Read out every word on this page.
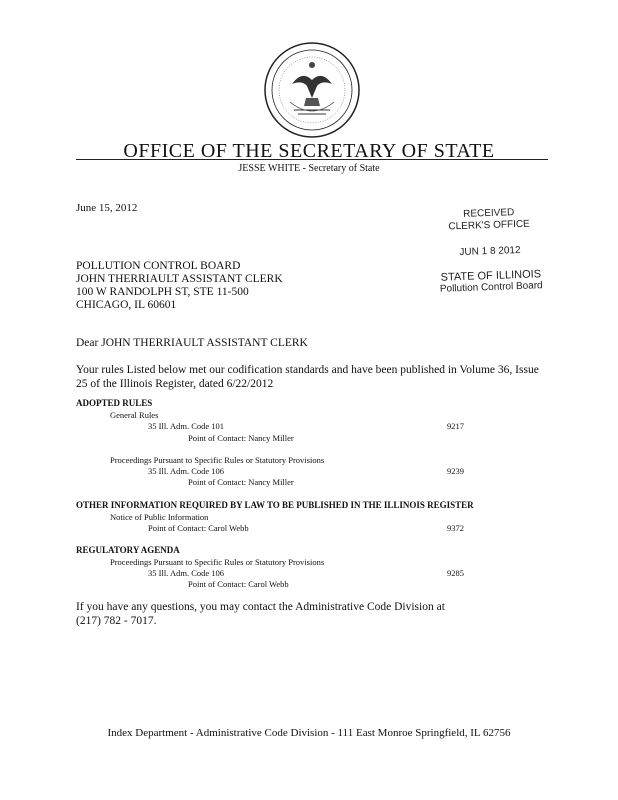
OFFICE OF THE SECRETARY OF STATE
JESSE WHITE - Secretary of State
June 15, 2012	RECEIVED
CLERK'S OFFICE
JUN 1 8 2012
STATE OF ILLINOIS
Pollution Control Board
POLLUTION CONTROL BOARD
JOHN THERRIAULT ASSISTANT CLERK
100 W RANDOLPH ST, STE 11-500
CHICAGO, IL 60601
Dear JOHN THERRIAULT ASSISTANT CLERK
Your rules Listed below met our codification standards and have been published in Volume 36, Issue 25 of the Illinois Register, dated 6/22/2012
ADOPTED RULES
General Rules
35 Ill. Adm. Code 101	9217
Point of Contact: Nancy Miller
Proceedings Pursuant to Specific Rules or Statutory Provisions
35 Ill. Adm. Code 106	9239
Point of Contact: Nancy Miller
OTHER INFORMATION REQUIRED BY LAW TO BE PUBLISHED IN THE ILLINOIS REGISTER
Notice of Public Information
Point of Contact: Carol Webb	9372
REGULATORY AGENDA
Proceedings Pursuant to Specific Rules or Statutory Provisions
35 Ill. Adm. Code 106	9285
Point of Contact: Carol Webb
If you have any questions, you may contact the Administrative Code Division at
(217) 782 - 7017.
Index Department - Administrative Code Division - 111 East Monroe Springfield, IL 62756
